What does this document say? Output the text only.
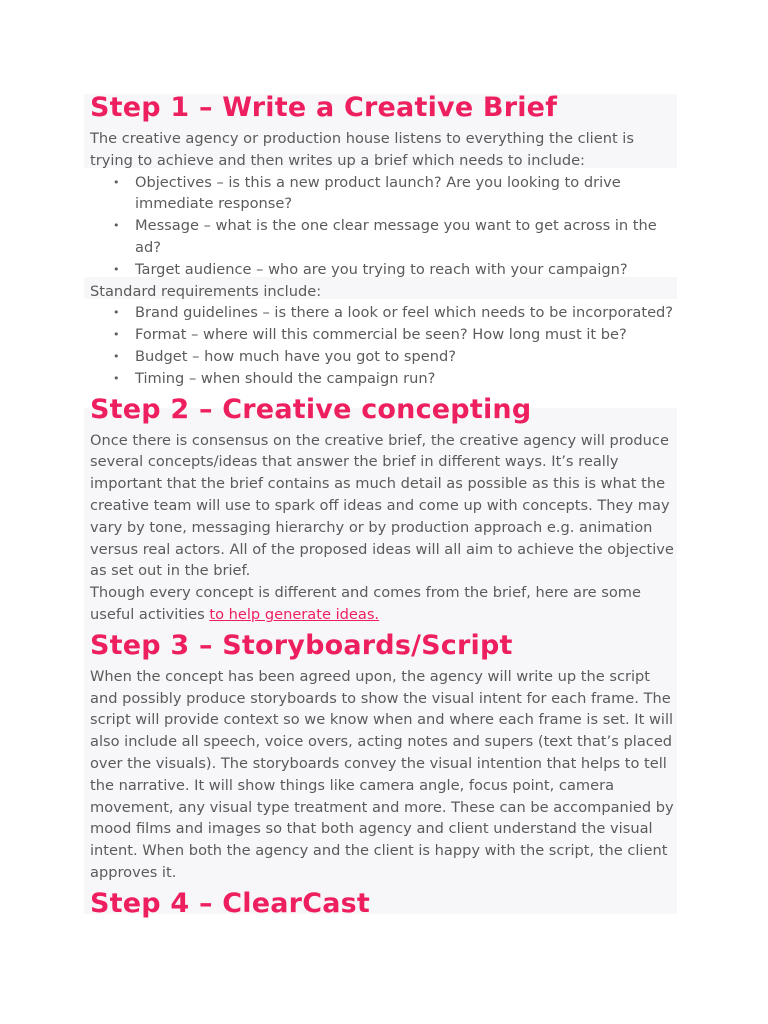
Step 1 – Write a Creative Brief

The creative agency or production house listens to everything the client is trying to achieve and then writes up a brief which needs to include:

• Objectives – is this a new product launch? Are you looking to drive immediate response?
• Message – what is the one clear message you want to get across in the ad?
• Target audience – who are you trying to reach with your campaign?

Standard requirements include:

• Brand guidelines – is there a look or feel which needs to be incorporated?
• Format – where will this commercial be seen? How long must it be?
• Budget – how much have you got to spend?
• Timing – when should the campaign run?
Step 2 – Creative concepting

Once there is consensus on the creative brief, the creative agency will produce several concepts/ideas that answer the brief in different ways. It’s really important that the brief contains as much detail as possible as this is what the creative team will use to spark off ideas and come up with concepts. They may vary by tone, messaging hierarchy or by production approach e.g. animation versus real actors. All of the proposed ideas will all aim to achieve the objective as set out in the brief.

Though every concept is different and comes from the brief, here are some useful activities to help generate ideas.

Step 3 – Storyboards/Script

When the concept has been agreed upon, the agency will write up the script and possibly produce storyboards to show the visual intent for each frame. The script will provide context so we know when and where each frame is set. It will also include all speech, voice overs, acting notes and supers (text that’s placed over the visuals). The storyboards convey the visual intention that helps to tell the narrative. It will show things like camera angle, focus point, camera movement, any visual type treatment and more. These can be accompanied by mood films and images so that both agency and client understand the visual intent. When both the agency and the client is happy with the script, the client approves it.

Step 4 – ClearCast
